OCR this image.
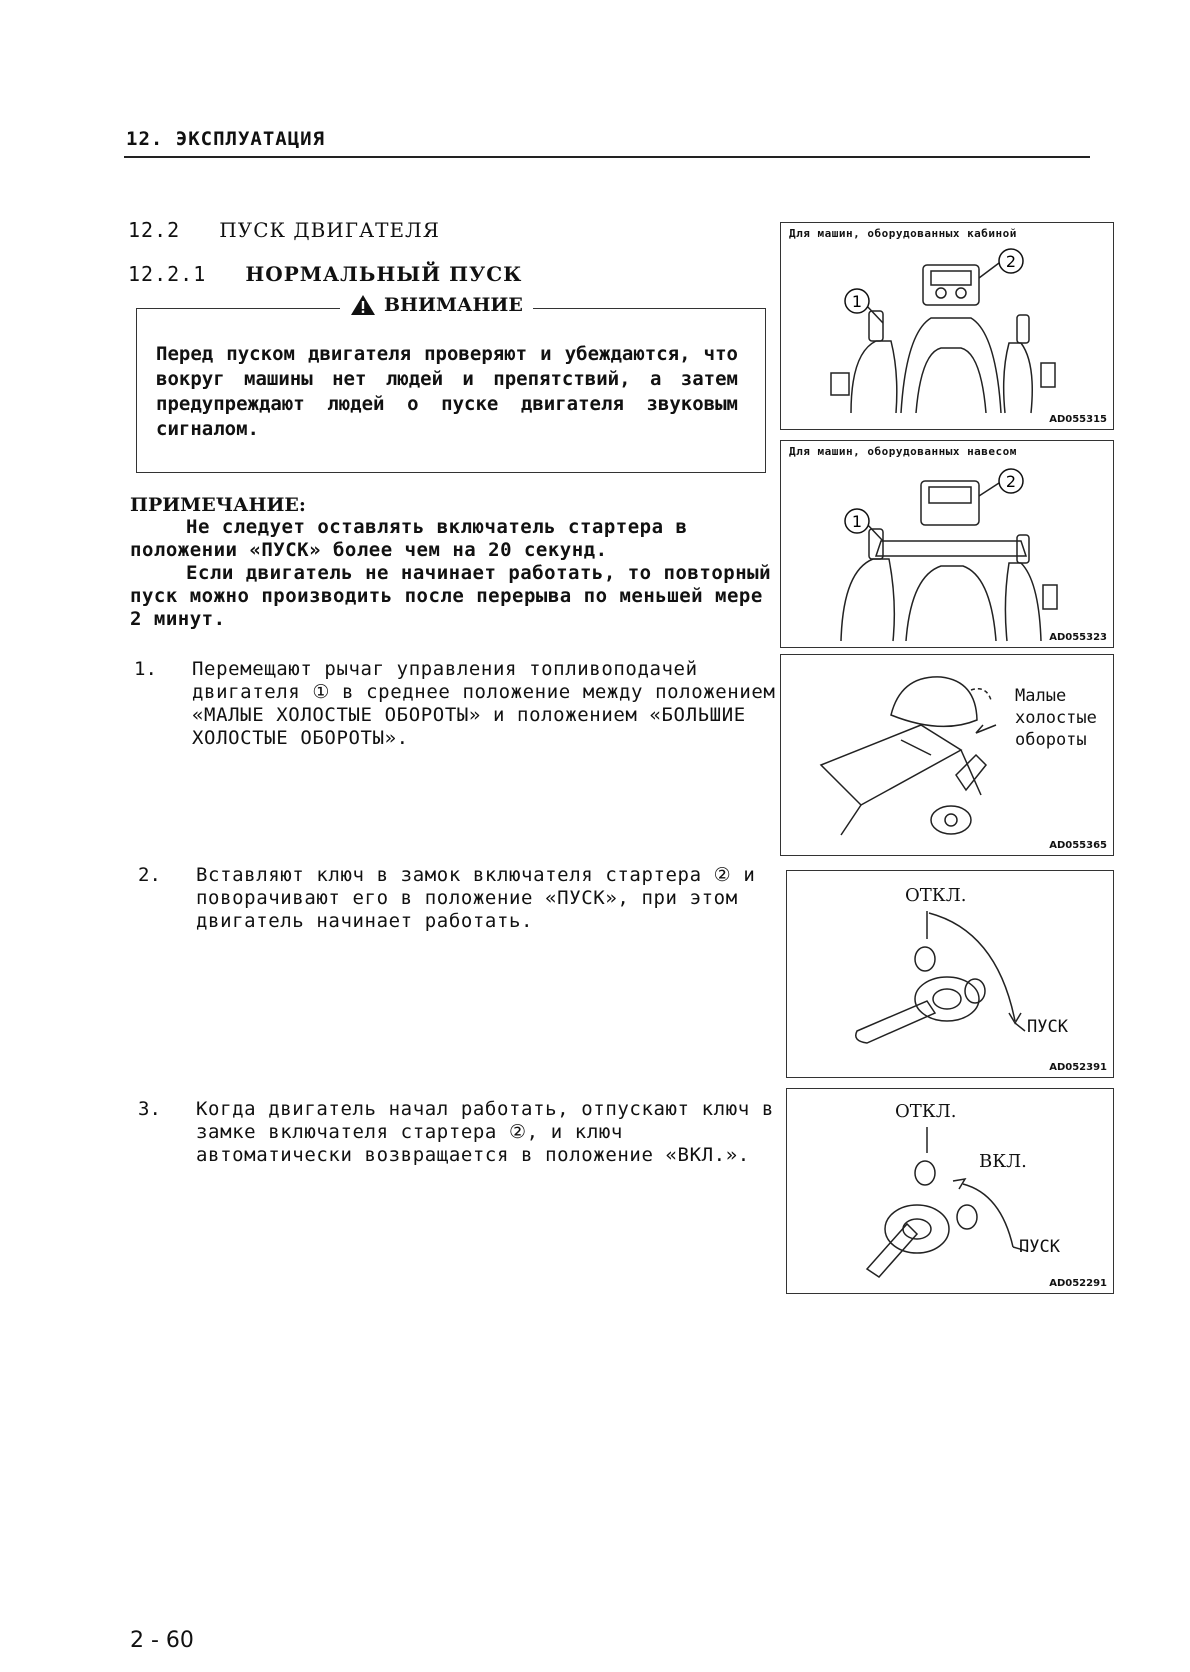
12. ЭКСПЛУАТАЦИЯ
12.2 ПУСК ДВИГАТЕЛЯ
12.2.1 НОРМАЛЬНЫЙ ПУСК
ВНИМАНИЕ
Перед пуском двигателя проверяют и убеждаются, что вокруг машины нет людей и препятствий, а затем предупреждают людей о пуске двигателя звуковым сигналом.
ПРИМЕЧАНИЕ:
Не следует оставлять включатель стартера в положении «ПУСК» более чем на 20 секунд.
Если двигатель не начинает работать, то повторный пуск можно производить после перерыва по меньшей мере 2 минут.
1. Перемещают рычаг управления топливоподачей двигателя ① в среднее положение между положением «МАЛЫЕ ХОЛОСТЫЕ ОБОРОТЫ» и положением «БОЛЬШИЕ ХОЛОСТЫЕ ОБОРОТЫ».
2. Вставляют ключ в замок включателя стартера ② и поворачивают его в положение «ПУСК», при этом двигатель начинает работать.
3. Когда двигатель начал работать, отпускают ключ в замке включателя стартера ②, и ключ автоматически возвращается в положение «ВКЛ.».
Для машин, оборудованных кабиной
1
2
AD055315
Для машин, оборудованных навесом
1
2
AD055323
Малые
холостые
обороты
AD055365
ОТКЛ.
ПУСК
AD052391
ОТКЛ.
ВКЛ.
ПУСК
AD052291
2 - 60
